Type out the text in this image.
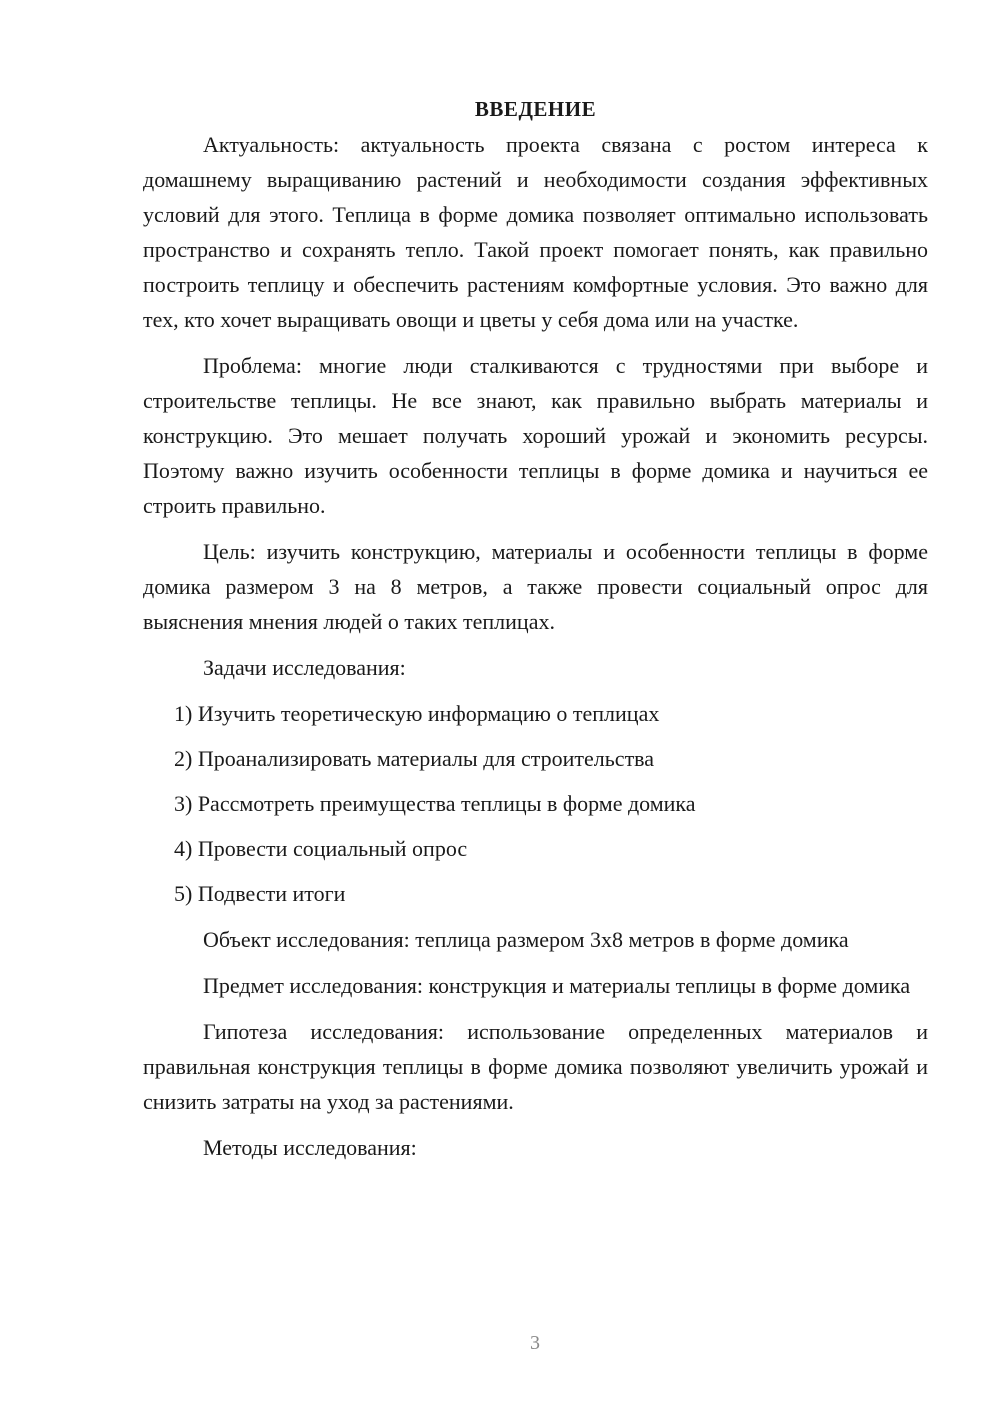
ВВЕДЕНИЕ

Актуальность: актуальность проекта связана с ростом интереса к домашнему выращиванию растений и необходимости создания эффективных условий для этого. Теплица в форме домика позволяет оптимально использовать пространство и сохранять тепло. Такой проект помогает понять, как правильно построить теплицу и обеспечить растениям комфортные условия. Это важно для тех, кто хочет выращивать овощи и цветы у себя дома или на участке.

Проблема: многие люди сталкиваются с трудностями при выборе и строительстве теплицы. Не все знают, как правильно выбрать материалы и конструкцию. Это мешает получать хороший урожай и экономить ресурсы. Поэтому важно изучить особенности теплицы в форме домика и научиться ее строить правильно.

Цель: изучить конструкцию, материалы и особенности теплицы в форме домика размером 3 на 8 метров, а также провести социальный опрос для выяснения мнения людей о таких теплицах.

Задачи исследования:

1) Изучить теоретическую информацию о теплицах
2) Проанализировать материалы для строительства
3) Рассмотреть преимущества теплицы в форме домика
4) Провести социальный опрос
5) Подвести итоги

Объект исследования: теплица размером 3х8 метров в форме домика

Предмет исследования: конструкция и материалы теплицы в форме домика

Гипотеза исследования: использование определенных материалов и правильная конструкция теплицы в форме домика позволяют увеличить урожай и снизить затраты на уход за растениями.

Методы исследования:

3
